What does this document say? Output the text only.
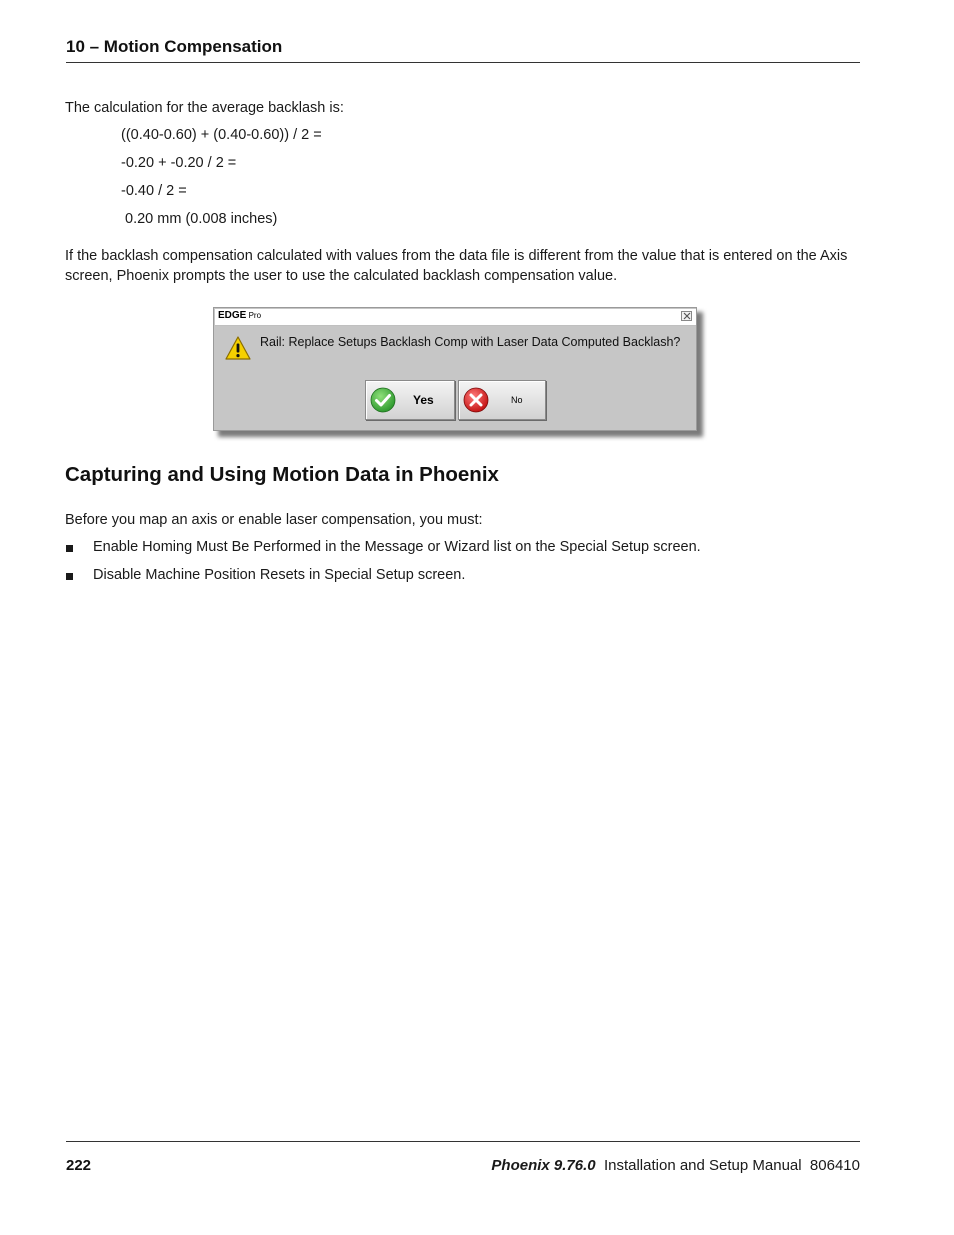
10 – Motion Compensation
The calculation for the average backlash is:
((0.40-0.60) + (0.40-0.60)) / 2 =
-0.20 + -0.20 / 2 =
-0.40 / 2 =
0.20 mm (0.008 inches)
If the backlash compensation calculated with values from the data file is different from the value that is entered on the Axis
screen, Phoenix prompts the user to use the calculated backlash compensation value.
EDGE Pro
Rail: Replace Setups Backlash Comp with Laser Data Computed Backlash?
Yes	No
Capturing and Using Motion Data in Phoenix
Before you map an axis or enable laser compensation, you must:
Enable Homing Must Be Performed in the Message or Wizard list on the Special Setup screen.
Disable Machine Position Resets in Special Setup screen.
222	Phoenix 9.76.0  Installation and Setup Manual  806410
